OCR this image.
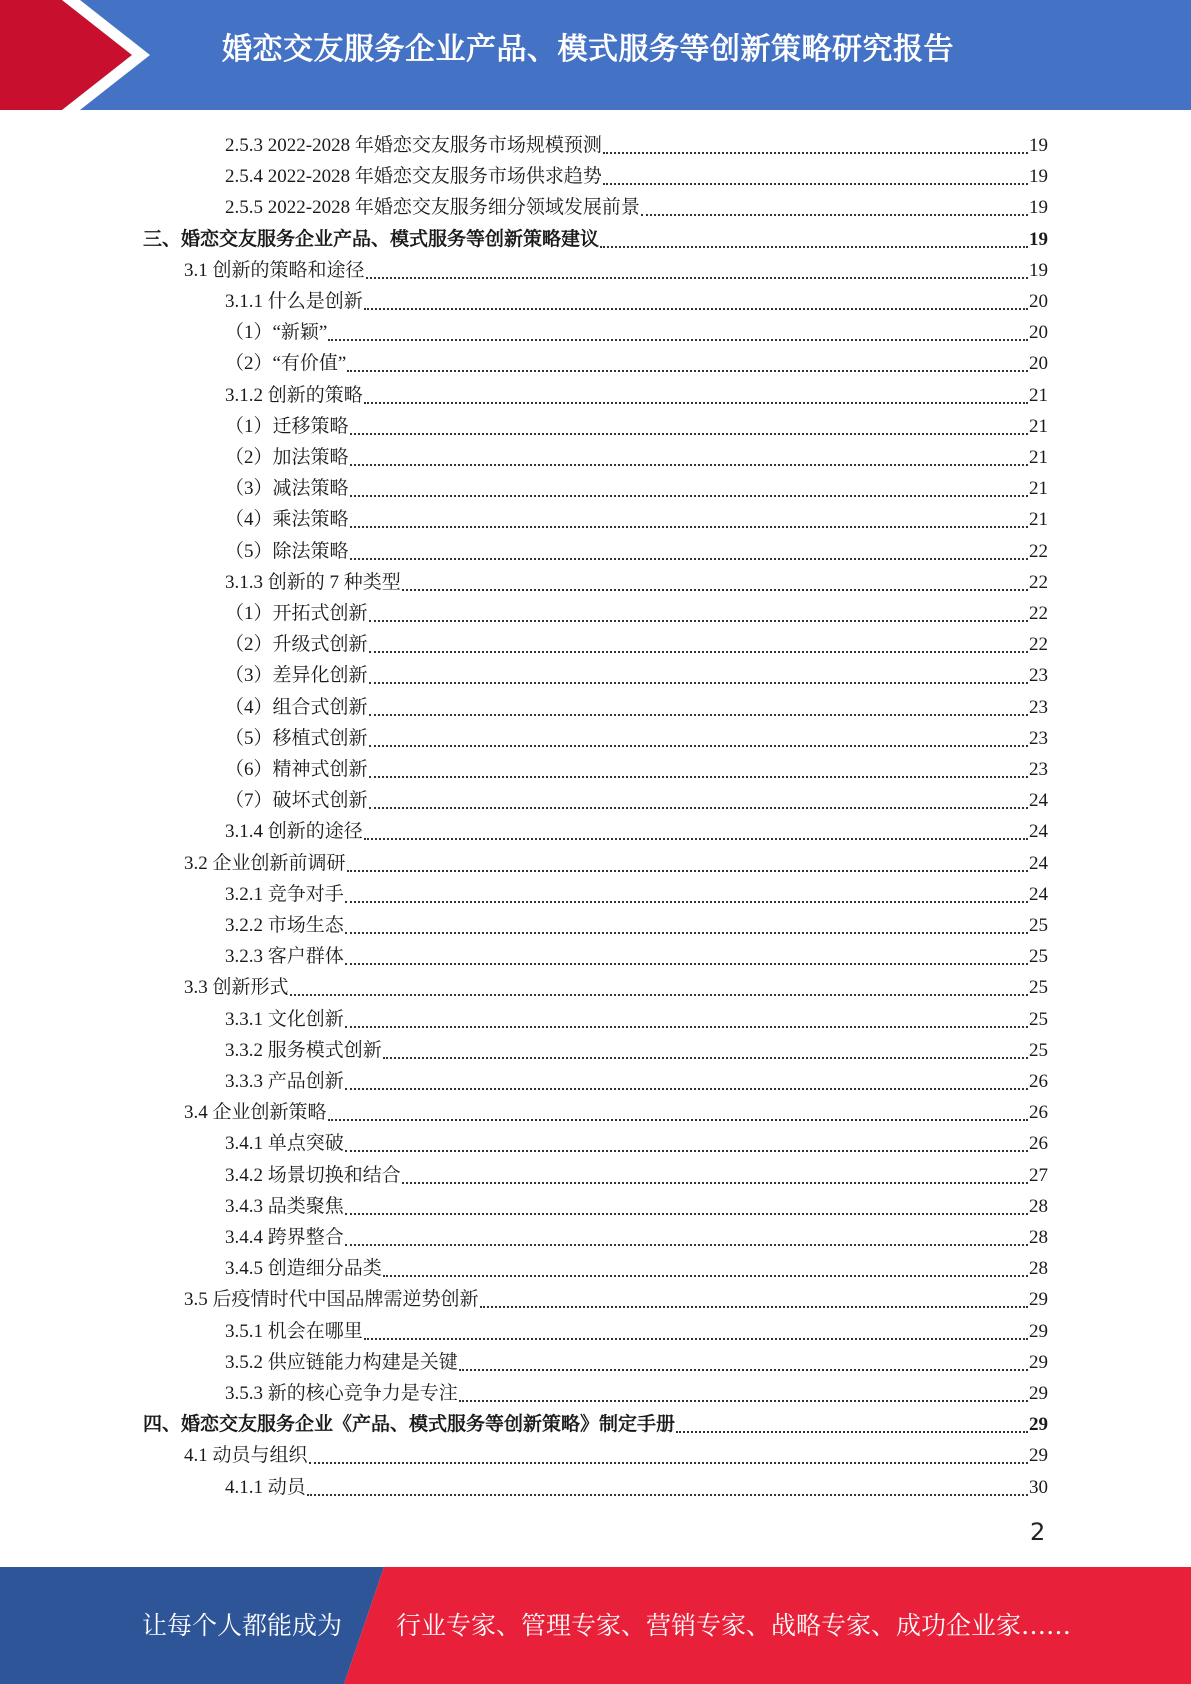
婚恋交友服务企业产品、模式服务等创新策略研究报告
2.5.3 2022-2028 年婚恋交友服务市场规模预测	19
2.5.4 2022-2028 年婚恋交友服务市场供求趋势	19
2.5.5 2022-2028 年婚恋交友服务细分领域发展前景	19
三、婚恋交友服务企业产品、模式服务等创新策略建议	19
3.1 创新的策略和途径	19
3.1.1 什么是创新	20
（1）“新颖”	20
（2）“有价值”	20
3.1.2 创新的策略	21
（1）迁移策略	21
（2）加法策略	21
（3）减法策略	21
（4）乘法策略	21
（5）除法策略	22
3.1.3 创新的 7 种类型	22
（1）开拓式创新	22
（2）升级式创新	22
（3）差异化创新	23
（4）组合式创新	23
（5）移植式创新	23
（6）精神式创新	23
（7）破坏式创新	24
3.1.4 创新的途径	24
3.2 企业创新前调研	24
3.2.1 竞争对手	24
3.2.2 市场生态	25
3.2.3 客户群体	25
3.3 创新形式	25
3.3.1 文化创新	25
3.3.2 服务模式创新	25
3.3.3 产品创新	26
3.4 企业创新策略	26
3.4.1 单点突破	26
3.4.2 场景切换和结合	27
3.4.3 品类聚焦	28
3.4.4 跨界整合	28
3.4.5 创造细分品类	28
3.5 后疫情时代中国品牌需逆势创新	29
3.5.1 机会在哪里	29
3.5.2 供应链能力构建是关键	29
3.5.3 新的核心竞争力是专注	29
四、婚恋交友服务企业《产品、模式服务等创新策略》制定手册	29
4.1 动员与组织	29
4.1.1 动员	30
2
让每个人都能成为 行业专家、管理专家、营销专家、战略专家、成功企业家……
